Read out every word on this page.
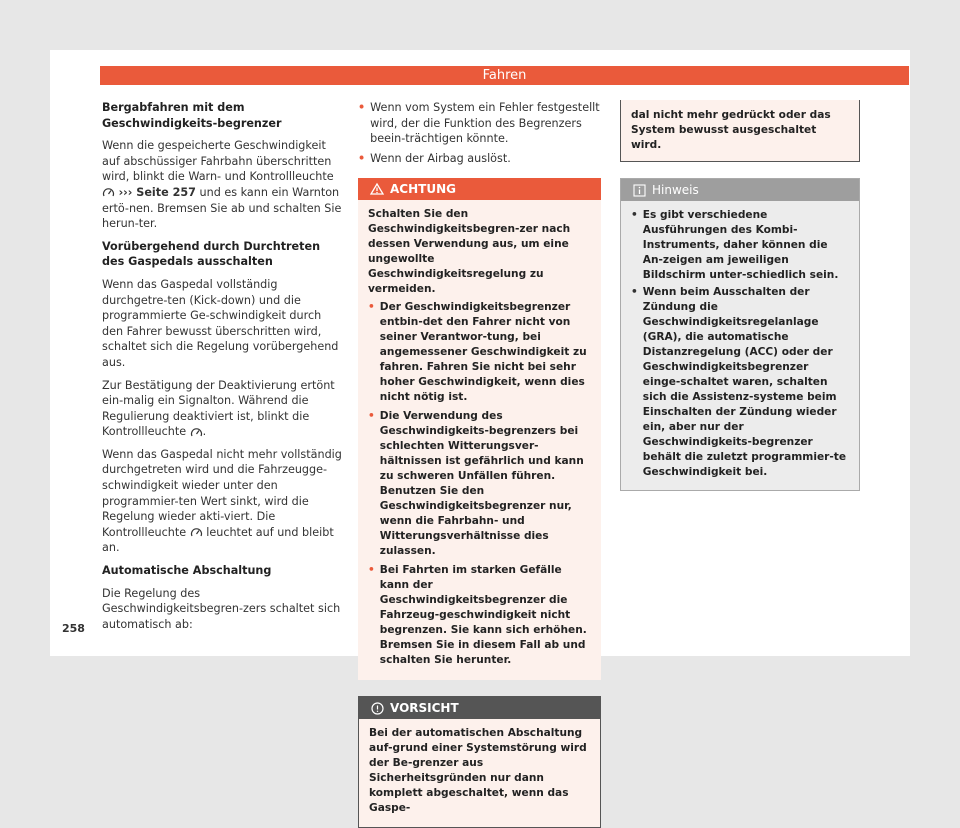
Fahren

Bergabfahren mit dem Geschwindigkeits-begrenzer

Wenn die gespeicherte Geschwindigkeit auf abschüssiger Fahrbahn überschritten wird, blinkt die Warn- und Kontrollleuchte  ››› Seite 257 und es kann ein Warnton ertö-nen. Bremsen Sie ab und schalten Sie herun-ter.

Vorübergehend durch Durchtreten des Gaspedals ausschalten

Wenn das Gaspedal vollständig durchgetre-ten (Kick-down) und die programmierte Ge-schwindigkeit durch den Fahrer bewusst überschritten wird, schaltet sich die Regelung vorübergehend aus.

Zur Bestätigung der Deaktivierung ertönt ein-malig ein Signalton. Während die Regulierung deaktiviert ist, blinkt die Kontrollleuchte .

Wenn das Gaspedal nicht mehr vollständig durchgetreten wird und die Fahrzeugge-schwindigkeit wieder unter den programmier-ten Wert sinkt, wird die Regelung wieder akti-viert. Die Kontrollleuchte leuchtet auf und bleibt an.

Automatische Abschaltung

Die Regelung des Geschwindigkeitsbegren-zers schaltet sich automatisch ab:

• Wenn vom System ein Fehler festgestellt wird, der die Funktion des Begrenzers beein-trächtigen könnte.
• Wenn der Airbag auslöst.
ACHTUNG

Schalten Sie den Geschwindigkeitsbegren-zer nach dessen Verwendung aus, um eine ungewollte Geschwindigkeitsregelung zu vermeiden.

• Der Geschwindigkeitsbegrenzer entbin-det den Fahrer nicht von seiner Verantwor-tung, bei angemessener Geschwindigkeit zu fahren. Fahren Sie nicht bei sehr hoher Geschwindigkeit, wenn dies nicht nötig ist.
• Die Verwendung des Geschwindigkeits-begrenzers bei schlechten Witterungsver-hältnissen ist gefährlich und kann zu schweren Unfällen führen. Benutzen Sie den Geschwindigkeitsbegrenzer nur, wenn die Fahrbahn- und Witterungsverhältnisse dies zulassen.
• Bei Fahrten im starken Gefälle kann der Geschwindigkeitsbegrenzer die Fahrzeug-geschwindigkeit nicht begrenzen. Sie kann sich erhöhen. Bremsen Sie in diesem Fall ab und schalten Sie herunter.
VORSICHT

Bei der automatischen Abschaltung auf-grund einer Systemstörung wird der Be-grenzer aus Sicherheitsgründen nur dann komplett abgeschaltet, wenn das Gaspe-

dal nicht mehr gedrückt oder das System bewusst ausgeschaltet wird.
Hinweis
• Es gibt verschiedene Ausführungen des Kombi-Instruments, daher können die An-zeigen am jeweiligen Bildschirm unter-schiedlich sein.
• Wenn beim Ausschalten der Zündung die Geschwindigkeitsregelanlage (GRA), die automatische Distanzregelung (ACC) oder der Geschwindigkeitsbegrenzer einge-schaltet waren, schalten sich die Assistenz-systeme beim Einschalten der Zündung wieder ein, aber nur der Geschwindigkeits-begrenzer behält die zuletzt programmier-te Geschwindigkeit bei.
258
